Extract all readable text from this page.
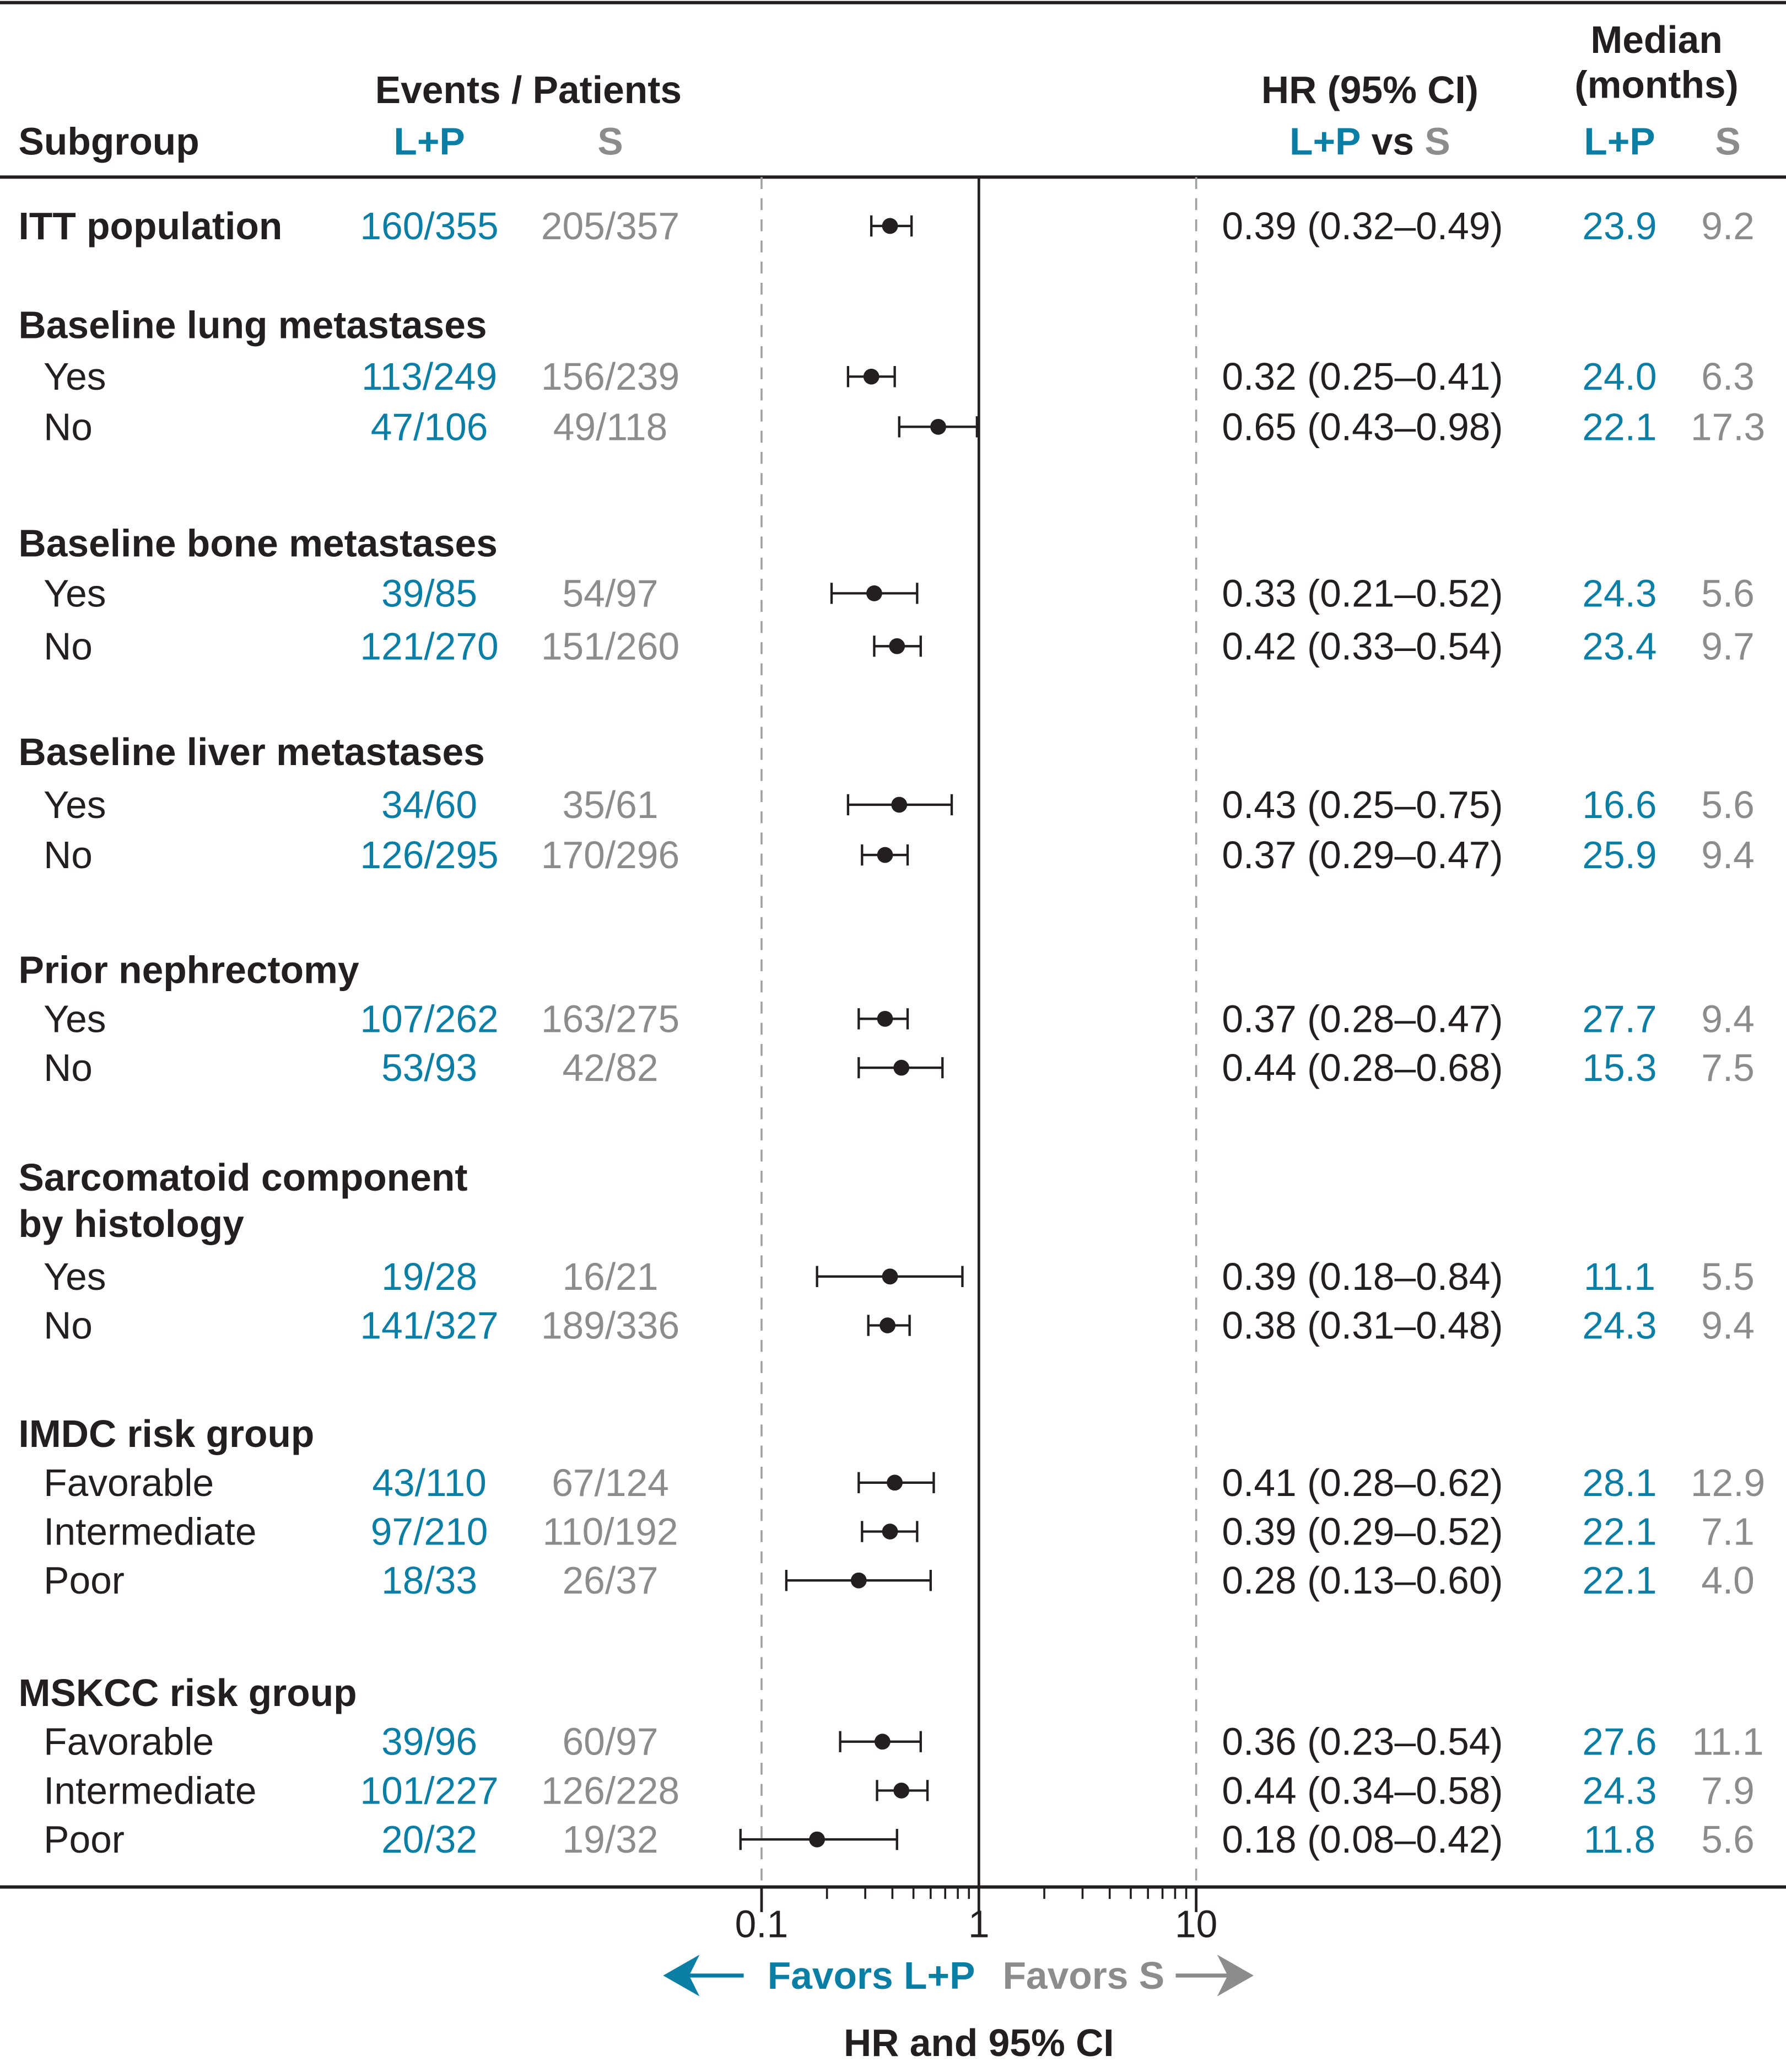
Events / Patients
Subgroup	L+P	S
HR (95% CI)
L+P vs S
Median
(months)
L+P	S
ITT population	160/355	205/357	0.39 (0.32–0.49)	23.9	9.2
Baseline lung metastases
Yes	113/249	156/239	0.32 (0.25–0.41)	24.0	6.3
No	47/106	49/118	0.65 (0.43–0.98)	22.1 17.3
Baseline bone metastases
Yes	39/85	54/97	0.33 (0.21–0.52)	24.3	5.6
No	121/270	151/260	0.42 (0.33–0.54)	23.4	9.7
Baseline liver metastases
Yes	34/60	35/61	0.43 (0.25–0.75)	16.6	5.6
No	126/295	170/296	0.37 (0.29–0.47)	25.9	9.4
Prior nephrectomy
Yes	107/262	163/275	0.37 (0.28–0.47)	27.7	9.4
No	53/93	42/82	0.44 (0.28–0.68)	15.3	7.5
Sarcomatoid component
by histology
Yes	19/28	16/21	0.39 (0.18–0.84)	11.1	5.5
No	141/327	189/336	0.38 (0.31–0.48)	24.3	9.4
IMDC risk group
Favorable	43/110	67/124	0.41 (0.28–0.62)	28.1 12.9
Intermediate	97/210	110/192	0.39 (0.29–0.52)	22.1	7.1
Poor	18/33	26/37	0.28 (0.13–0.60)	22.1	4.0
MSKCC risk group
Favorable	39/96	60/97	0.36 (0.23–0.54)	27.6 11.1
Intermediate	101/227	126/228	0.44 (0.34–0.58)	24.3	7.9
Poor	20/32	19/32	0.18 (0.08–0.42)	11.8	5.6
0.1	1	10
Favors L+P Favors S
HR and 95% CI
